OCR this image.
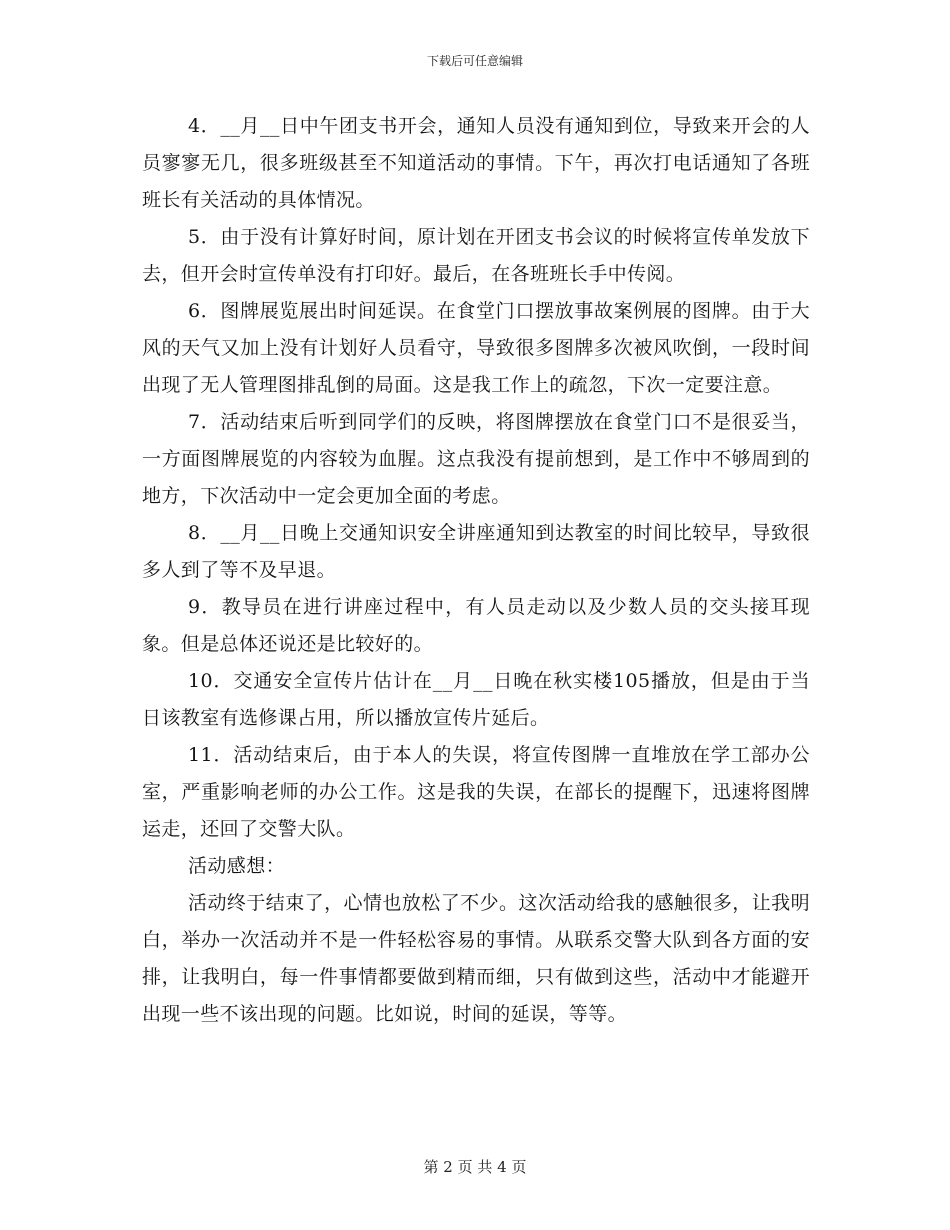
下载后可任意编辑

4．__月__日中午团支书开会，通知人员没有通知到位，导致来开会的人员寥寥无几，很多班级甚至不知道活动的事情。下午，再次打电话通知了各班班长有关活动的具体情况。

5．由于没有计算好时间，原计划在开团支书会议的时候将宣传单发放下去，但开会时宣传单没有打印好。最后，在各班班长手中传阅。

6．图牌展览展出时间延误。在食堂门口摆放事故案例展的图牌。由于大风的天气又加上没有计划好人员看守，导致很多图牌多次被风吹倒，一段时间出现了无人管理图排乱倒的局面。这是我工作上的疏忽，下次一定要注意。

7．活动结束后听到同学们的反映，将图牌摆放在食堂门口不是很妥当，一方面图牌展览的内容较为血腥。这点我没有提前想到，是工作中不够周到的地方，下次活动中一定会更加全面的考虑。

8．__月__日晚上交通知识安全讲座通知到达教室的时间比较早，导致很多人到了等不及早退。

9．教导员在进行讲座过程中，有人员走动以及少数人员的交头接耳现象。但是总体还说还是比较好的。

10．交通安全宣传片估计在__月__日晚在秋实楼105播放，但是由于当日该教室有选修课占用，所以播放宣传片延后。

11．活动结束后，由于本人的失误，将宣传图牌一直堆放在学工部办公室，严重影响老师的办公工作。这是我的失误，在部长的提醒下，迅速将图牌运走，还回了交警大队。

活动感想：

活动终于结束了，心情也放松了不少。这次活动给我的感触很多，让我明白，举办一次活动并不是一件轻松容易的事情。从联系交警大队到各方面的安排，让我明白，每一件事情都要做到精而细，只有做到这些，活动中才能避开出现一些不该出现的问题。比如说，时间的延误，等等。

第 2 页 共 4 页
